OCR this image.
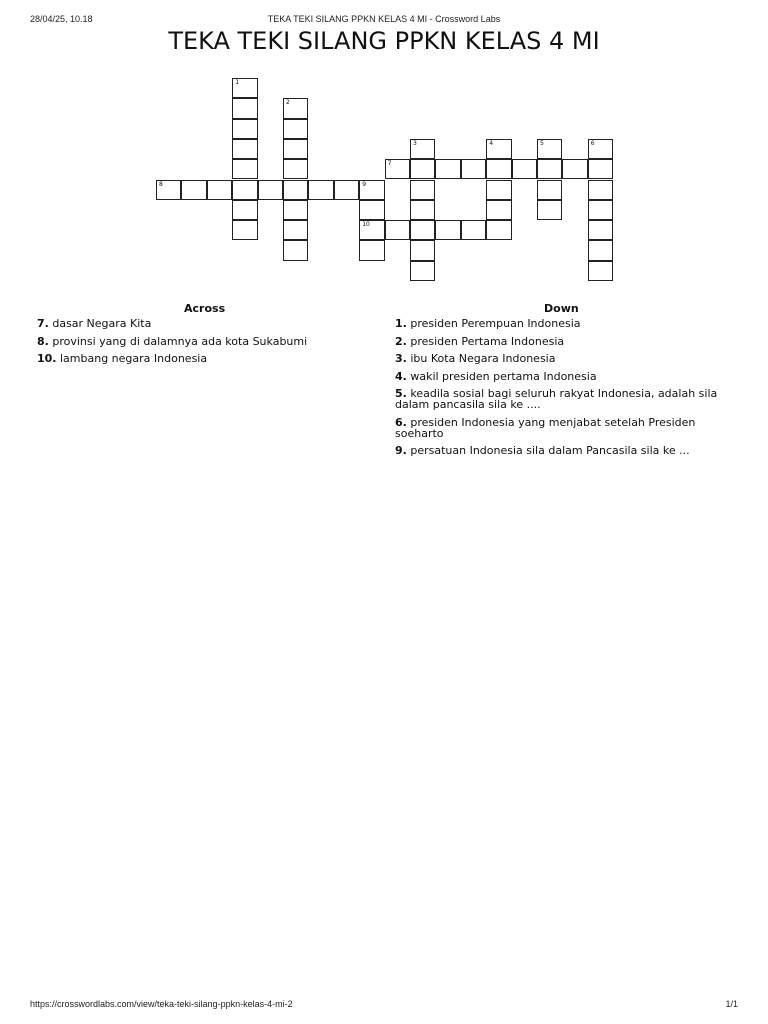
28/04/25, 10.18	TEKA TEKI SILANG PPKN KELAS 4 MI - Crossword Labs
TEKA TEKI SILANG PPKN KELAS 4 MI
1
2
3	4	5	6
7
8	9
10
Across	Down
7. dasar Negara Kita
8. provinsi yang di dalamnya ada kota Sukabumi
10. lambang negara Indonesia
1. presiden Perempuan Indonesia
2. presiden Pertama Indonesia
3. ibu Kota Negara Indonesia
4. wakil presiden pertama Indonesia
5. keadila sosial bagi seluruh rakyat Indonesia, adalah sila dalam pancasila sila ke ....
6. presiden Indonesia yang menjabat setelah Presiden soeharto
9. persatuan Indonesia sila dalam Pancasila sila ke ...
https://crosswordlabs.com/view/teka-teki-silang-ppkn-kelas-4-mi-2	1/1
